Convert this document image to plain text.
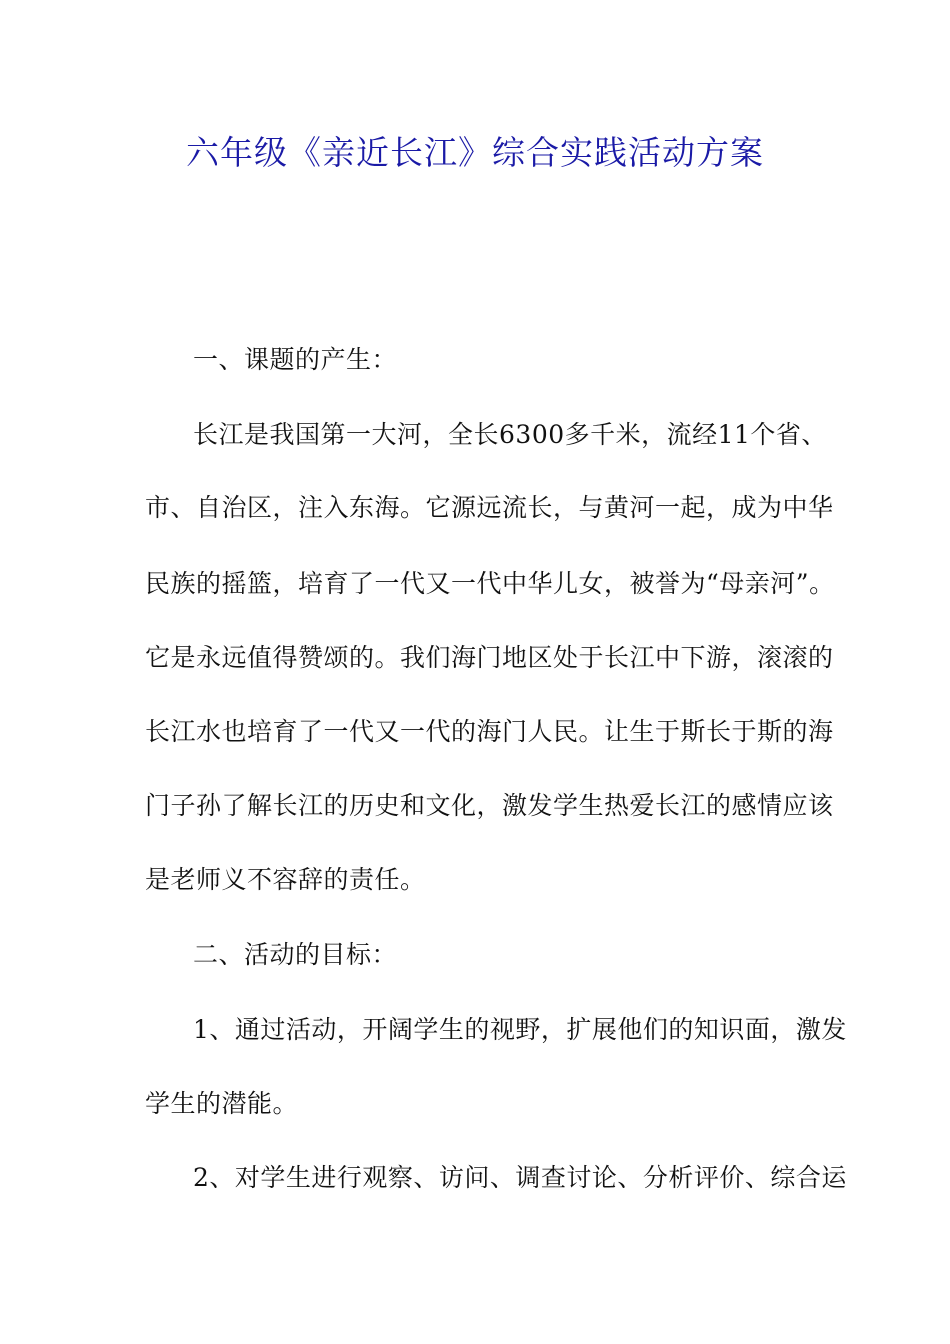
六年级《亲近长江》综合实践活动方案
一、课题的产生：
长江是我国第一大河，全长6300多千米，流经11个省、
市、自治区，注入东海。它源远流长，与黄河一起，成为中华
民族的摇篮，培育了一代又一代中华儿女，被誉为“母亲河”。
它是永远值得赞颂的。我们海门地区处于长江中下游，滚滚的
长江水也培育了一代又一代的海门人民。让生于斯长于斯的海
门子孙了解长江的历史和文化，激发学生热爱长江的感情应该
是老师义不容辞的责任。
二、活动的目标：
1、通过活动，开阔学生的视野，扩展他们的知识面，激发
学生的潜能。
2、对学生进行观察、访问、调查讨论、分析评价、综合运
